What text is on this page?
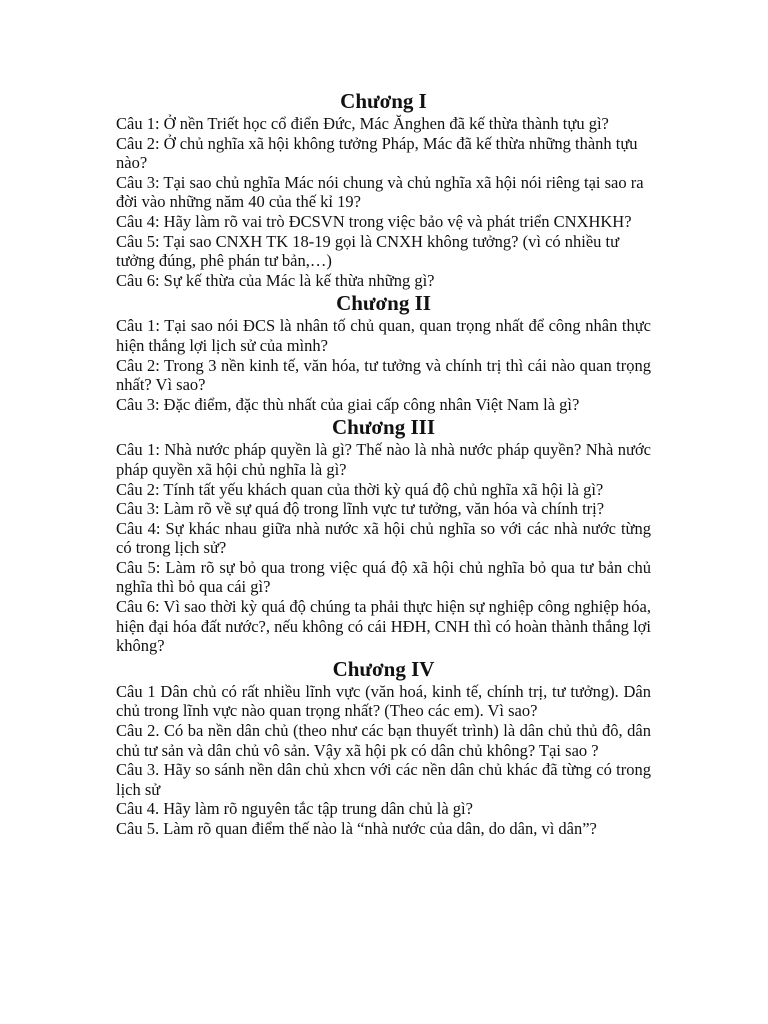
Chương I

Câu 1: Ở nền Triết học cổ điển Đức, Mác Ănghen đã kế thừa thành tựu gì?

Câu 2: Ở chủ nghĩa xã hội không tưởng Pháp, Mác đã kế thừa những thành tựu nào?

Câu 3: Tại sao chủ nghĩa Mác nói chung và chủ nghĩa xã hội nói riêng tại sao ra đời vào những năm 40 của thế kỉ 19?

Câu 4: Hãy làm rõ vai trò ĐCSVN trong việc bảo vệ và phát triển CNXHKH?

Câu 5: Tại sao CNXH TK 18-19 gọi là CNXH không tưởng? (vì có nhiều tư tưởng đúng, phê phán tư bản,…)

Câu 6: Sự kế thừa của Mác là kế thừa những gì?

Chương II

Câu 1: Tại sao nói ĐCS là nhân tố chủ quan, quan trọng nhất để công nhân thực hiện thắng lợi lịch sử của mình?

Câu 2: Trong 3 nền kinh tế, văn hóa, tư tưởng và chính trị thì cái nào quan trọng nhất? Vì sao?

Câu 3: Đặc điểm, đặc thù nhất của giai cấp công nhân Việt Nam là gì?

Chương III

Câu 1: Nhà nước pháp quyền là gì? Thế nào là nhà nước pháp quyền? Nhà nước pháp quyền xã hội chủ nghĩa là gì?

Câu 2: Tính tất yếu khách quan của thời kỳ quá độ chủ nghĩa xã hội là gì?

Câu 3: Làm rõ về sự quá độ trong lĩnh vực tư tưởng, văn hóa và chính trị?

Câu 4: Sự khác nhau giữa nhà nước xã hội chủ nghĩa so với các nhà nước từng có trong lịch sử?

Câu 5: Làm rõ sự bỏ qua trong việc quá độ xã hội chủ nghĩa bỏ qua tư bản chủ nghĩa thì bỏ qua cái gì?

Câu 6: Vì sao thời kỳ quá độ chúng ta phải thực hiện sự nghiệp công nghiệp hóa, hiện đại hóa đất nước?, nếu không có cái HĐH, CNH thì có hoàn thành thắng lợi không?

Chương IV

Câu 1 Dân chủ có rất nhiều lĩnh vực (văn hoá, kinh tế, chính trị, tư tưởng). Dân chủ trong lĩnh vực nào quan trọng nhất? (Theo các em). Vì sao?

Câu 2. Có ba nền dân chủ (theo như các bạn thuyết trình) là dân chủ thủ đô, dân chủ tư sản và dân chủ vô sản. Vậy xã hội pk có dân chủ không? Tại sao ?

Câu 3. Hãy so sánh nền dân chủ xhcn với các nền dân chủ khác đã từng có trong lịch sử

Câu 4. Hãy làm rõ nguyên tắc tập trung dân chủ là gì?

Câu 5. Làm rõ quan điểm thế nào là “nhà nước của dân, do dân, vì dân”?
